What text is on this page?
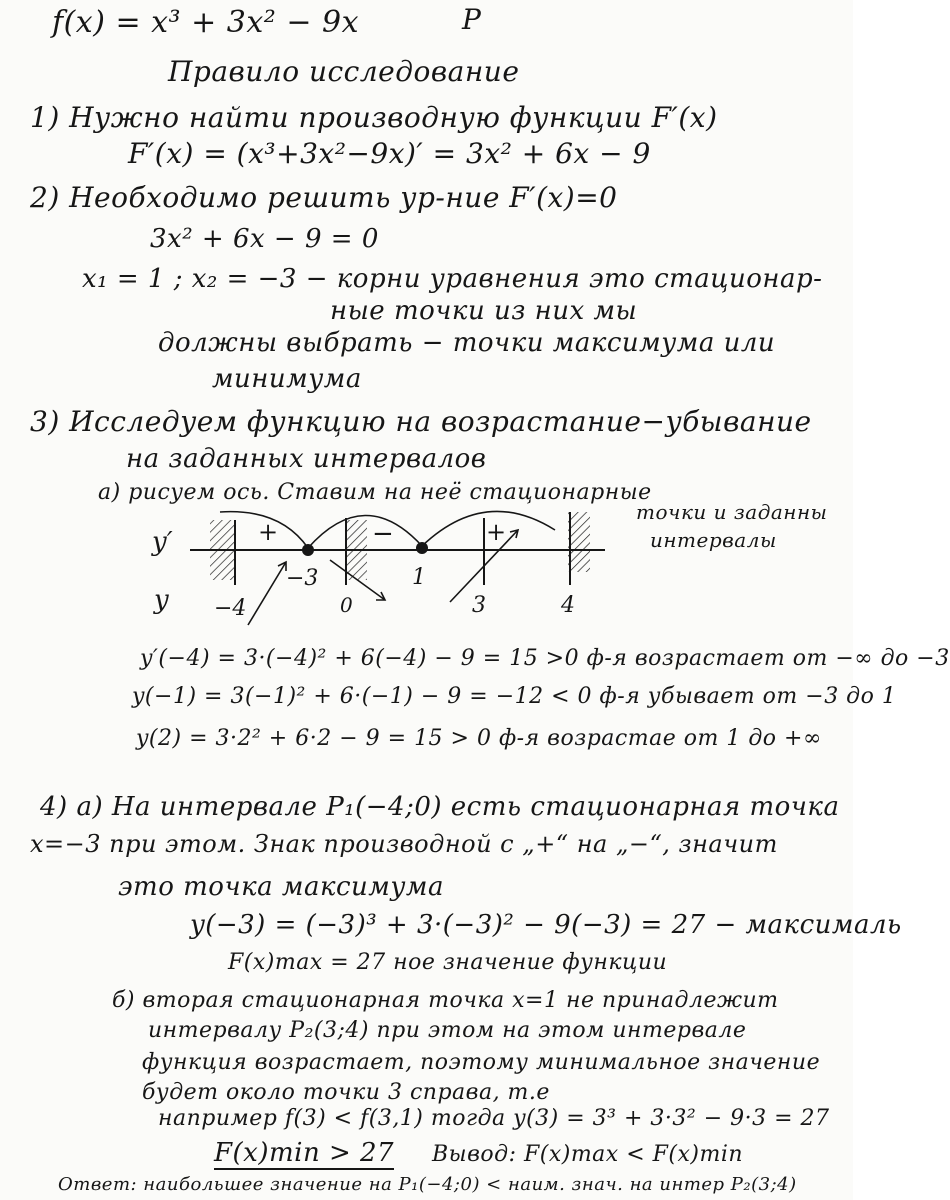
f(x) = x³ + 3x² − 9x	P
Правило исследование
1) Нужно найти производную функции F′(x)
F′(x) = (x³+3x²−9x)′ = 3x² + 6x − 9
2) Необходимо решить ур-ние F′(x)=0
3x² + 6x − 9 = 0
x₁ = 1 ; x₂ = −3 − корни уравнения это стационар-
ные точки из них мы
должны выбрать − точки максимума или
минимума
3) Исследуем функцию на возрастание−убывание
на заданных интервалов
а) рисуем ось. Ставим на неё стационарные
точки и заданны
интервалы
y′
y
+	−	+
−4
−3
0
1
3	4
y′(−4) = 3·(−4)² + 6(−4) − 9 = 15 >0 ф-я возрастает от −∞ до −3
y(−1) = 3(−1)² + 6·(−1) − 9 = −12 < 0 ф-я убывает от −3 до 1
y(2) = 3·2² + 6·2 − 9 = 15 > 0 ф-я возрастае от 1 до +∞
4) а) На интервале P₁(−4;0) есть стационарная точка
x=−3 при этом. Знак производной с „+“ на „−“, значит
это точка максимума
y(−3) = (−3)³ + 3·(−3)² − 9(−3) = 27 − максималь
F(x)max = 27 ное значение функции
б) вторая стационарная точка x=1 не принадлежит
интервалу P₂(3;4) при этом на этом интервале
функция возрастает, поэтому минимальное значение
будет около точки 3 справа, т.е
например f(3) < f(3,1) тогда y(3) = 3³ + 3·3² − 9·3 = 27
F(x)min > 27 Вывод: F(x)max < F(x)min
Ответ: наибольшее значение на P₁(−4;0) < наим. знач. на интер P₂(3;4)
